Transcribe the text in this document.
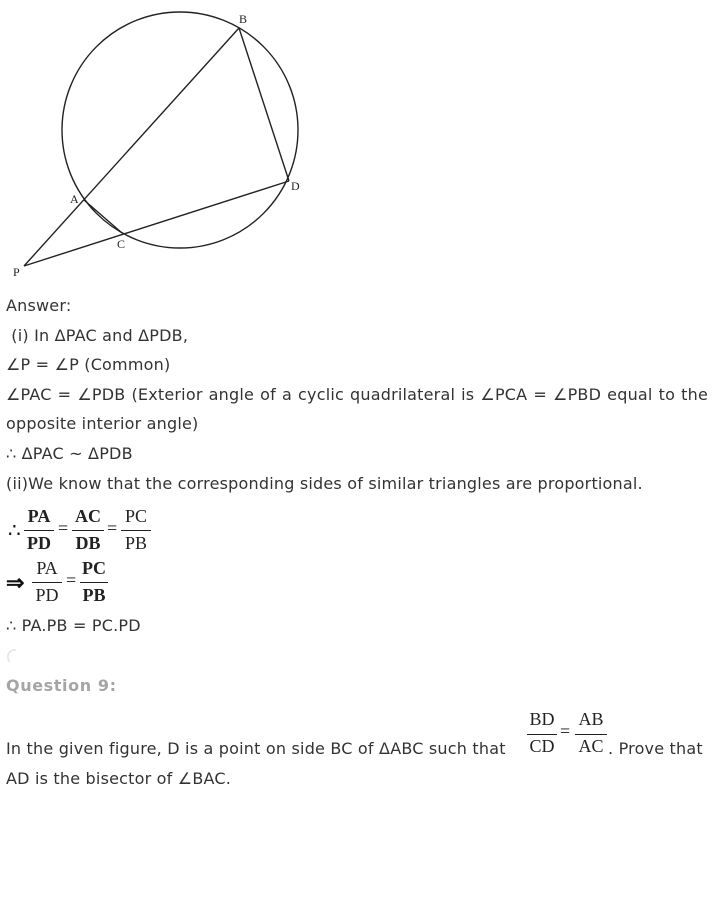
B
D
A
C
P
Answer:
(i) In ΔPAC and ΔPDB,
∠P = ∠P (Common)
∠PAC = ∠PDB (Exterior angle of a cyclic quadrilateral is ∠PCA = ∠PBD equal to the
opposite interior angle)
∴ ΔPAC ~ ΔPDB
(ii)We know that the corresponding sides of similar triangles are proportional.
∴
PA
PD
=
AC
DB
=
PC
PB
⇒
PA
PD
=
PC
PB
∴ PA.PB = PC.PD
Question 9:
In the given figure, D is a point on side BC of ΔABC such that
BD
CD
=
AB
AC . Prove that
AD is the bisector of ∠BAC.
